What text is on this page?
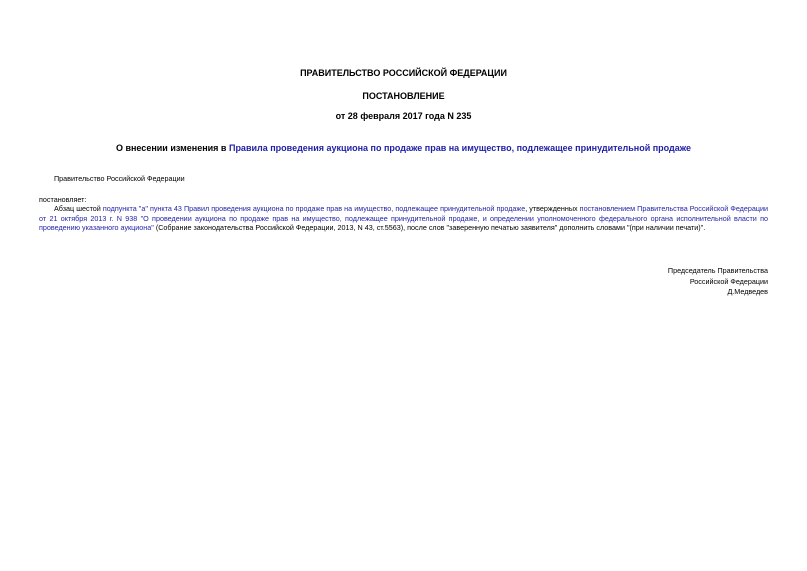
ПРАВИТЕЛЬСТВО РОССИЙСКОЙ ФЕДЕРАЦИИ
ПОСТАНОВЛЕНИЕ
от 28 февраля 2017 года N 235
О внесении изменения в Правила проведения аукциона по продаже прав на имущество, подлежащее принудительной продаже
Правительство Российской Федерации
постановляет:

Абзац шестой подпункта "а" пункта 43 Правил проведения аукциона по продаже прав на имущество, подлежащее принудительной продаже, утвержденных постановлением Правительства Российской Федерации от 21 октября 2013 г. N 938 "О проведении аукциона по продаже прав на имущество, подлежащее принудительной продаже, и определении уполномоченного федерального органа исполнительной власти по проведению указанного аукциона" (Собрание законодательства Российской Федерации, 2013, N 43, ст.5563), после слов "заверенную печатью заявителя" дополнить словами "(при наличии печати)".

Председатель Правительства
Российской Федерации
Д.Медведев
